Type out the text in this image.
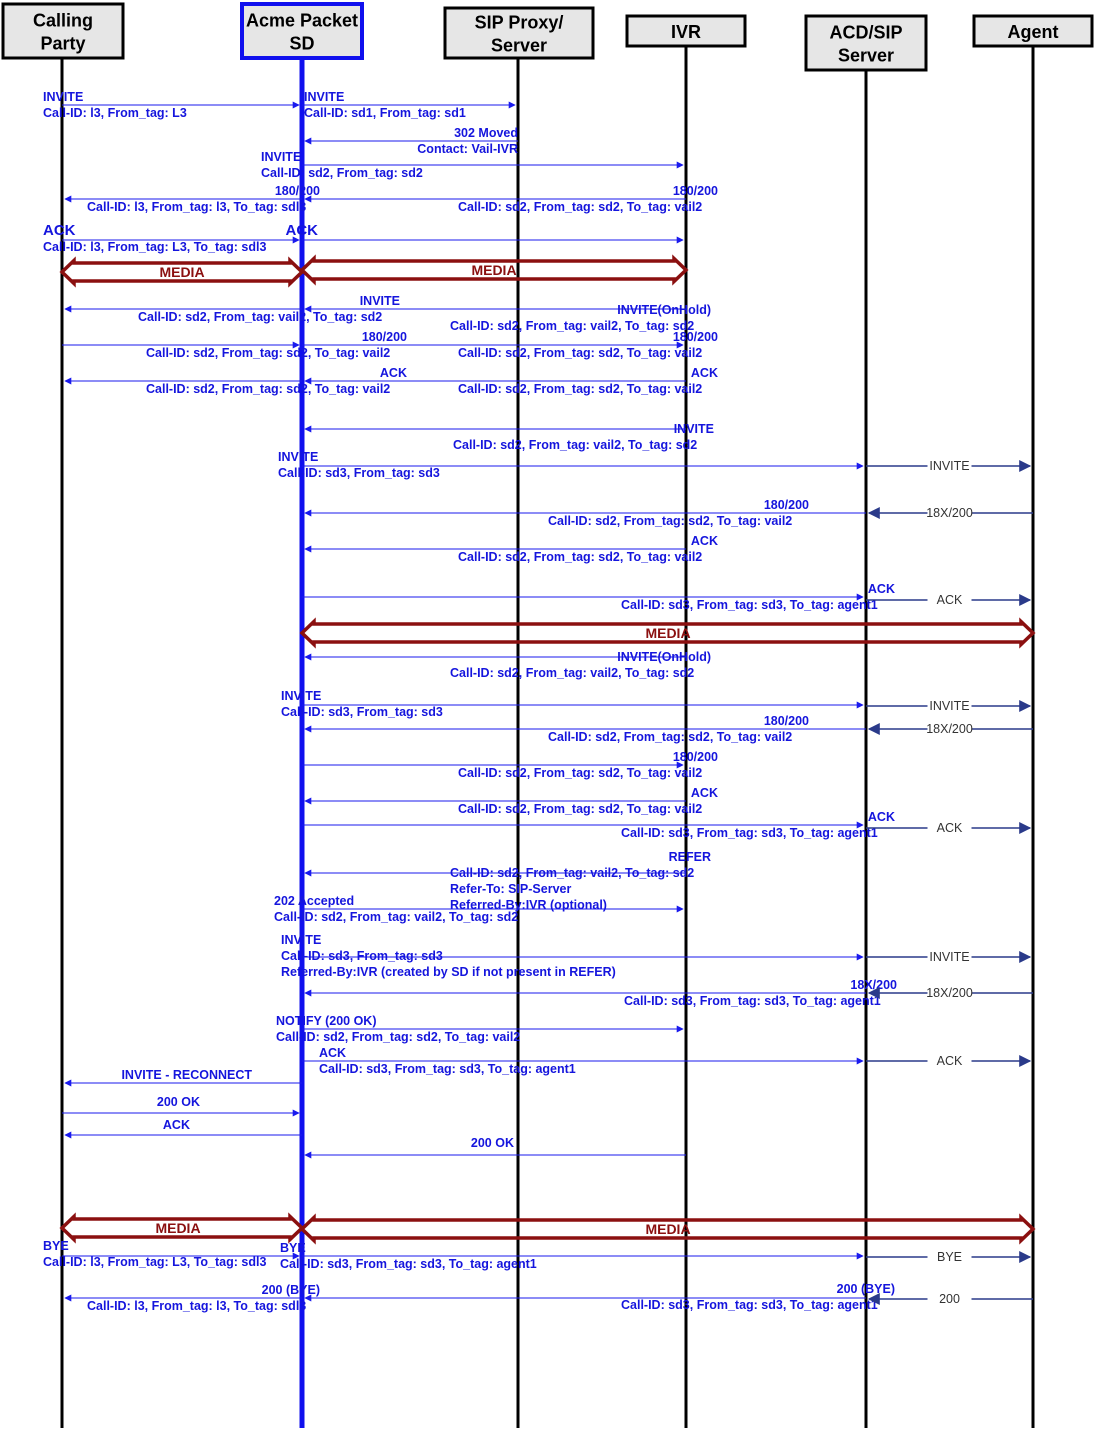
MEDIA	MEDIA
MEDIA
MEDIA	MEDIA
INVITE
Call-ID: l3, From_tag: L3
INVITE
Call-ID: sd1, From_tag: sd1
302 Moved
Contact: Vail-IVR
INVITE
Call-ID: sd2, From_tag: sd2
180/200
Call-ID: l3, From_tag: l3, To_tag: sdl3
180/200
Call-ID: sd2, From_tag: sd2, To_tag: vail2
ACK
Call-ID: l3, From_tag: L3, To_tag: sdl3
ACK
INVITE
Call-ID: sd2, From_tag: vail2, To_tag: sd2	INVITE(OnHold)
Call-ID: sd2, From_tag: vail2, To_tag: sd2
180/200
Call-ID: sd2, From_tag: sd2, To_tag: vail2
180/200
Call-ID: sd2, From_tag: sd2, To_tag: vail2
ACK
Call-ID: sd2, From_tag: sd2, To_tag: vail2
ACK
Call-ID: sd2, From_tag: sd2, To_tag: vail2
INVITE
Call-ID: sd2, From_tag: vail2, To_tag: sd2
INVITE
Call-ID: sd3, From_tag: sd3	INVITE
180/200
Call-ID: sd2, From_tag: sd2, To_tag: vail2
18X/200
ACK
Call-ID: sd2, From_tag: sd2, To_tag: vail2
ACK
Call-ID: sd3, From_tag: sd3, To_tag: agent1	ACK
INVITE(OnHold)
Call-ID: sd2, From_tag: vail2, To_tag: sd2
INVITE
Call-ID: sd3, From_tag: sd3	INVITE
180/200
Call-ID: sd2, From_tag: sd2, To_tag: vail2
18X/200
180/200
Call-ID: sd2, From_tag: sd2, To_tag: vail2
ACK
Call-ID: sd2, From_tag: sd2, To_tag: vail2
ACK
Call-ID: sd3, From_tag: sd3, To_tag: agent1	ACK
REFER
Call-ID: sd2, From_tag: vail2, To_tag: sd2
Refer-To: SIP-Server
Referred-By:IVR (optional)
202 Accepted
Call-ID: sd2, From_tag: vail2, To_tag: sd2
INVITE
Call-ID: sd3, From_tag: sd3
Referred-By:IVR (created by SD if not present in REFER)
INVITE
18X/200
Call-ID: sd3, From_tag: sd3, To_tag: agent1
18X/200
NOTIFY (200 OK)
Call-ID: sd2, From_tag: sd2, To_tag: vail2
ACK
Call-ID: sd3, From_tag: sd3, To_tag: agent1
ACK
INVITE - RECONNECT
200 OK
ACK
200 OK
BYE
Call-ID: l3, From_tag: L3, To_tag: sdl3
BYE
Call-ID: sd3, From_tag: sd3, To_tag: agent1	BYE
200 (BYE)
Call-ID: l3, From_tag: l3, To_tag: sdl3
200 (BYE)
Call-ID: sd3, From_tag: sd3, To_tag: agent1	200
Calling
Party
Acme Packet
SD
SIP Proxy/
Server
IVR	ACD/SIP
Server
Agent
